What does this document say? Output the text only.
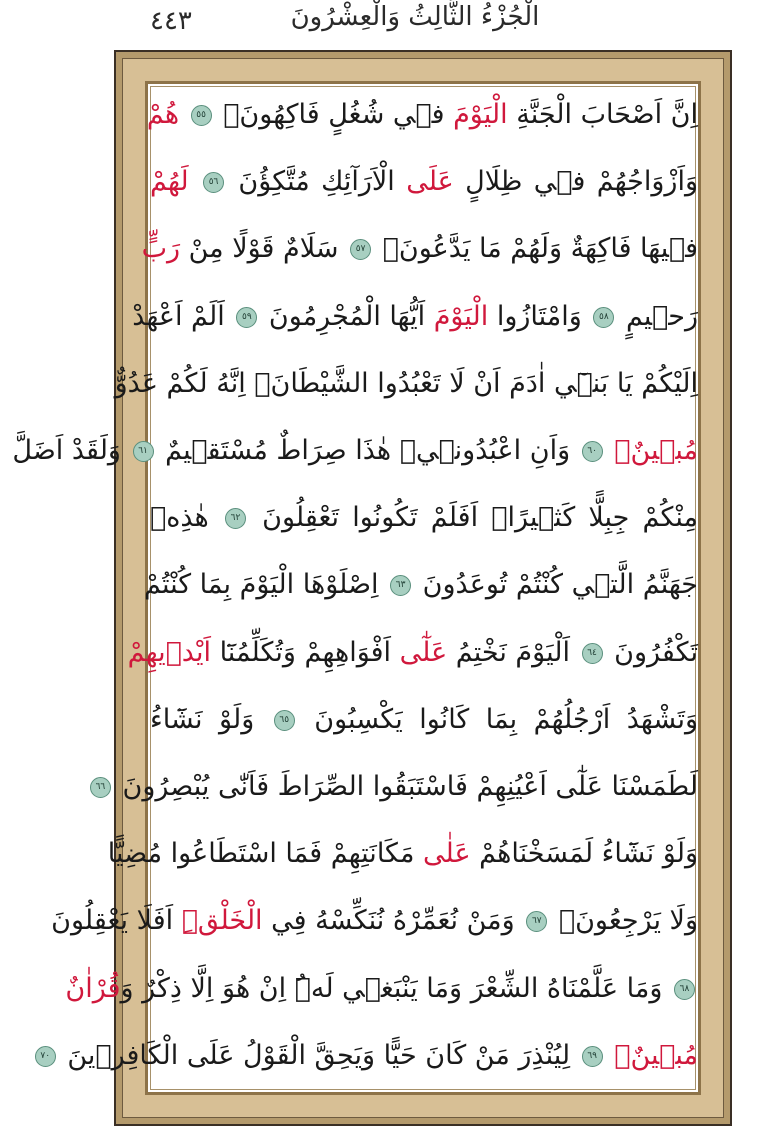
٤٤٣	الْجُزْءُ الثَّالِثُ وَالْعِشْرُونَ
اِنَّ اَصْحَابَ الْجَنَّةِ الْيَوْمَ فٖي شُغُلٍ فَاكِهُونَۚ ٥٥ هُمْ
وَاَزْوَاجُهُمْ فٖي ظِلَالٍ عَلَى الْاَرَآئِكِ مُتَّكِؤُنَ ٥٦ لَهُمْ
فٖيهَا فَاكِهَةٌ وَلَهُمْ مَا يَدَّعُونَۚ ٥٧ سَلَامٌ قَوْلًا مِنْ رَبٍّ
رَحٖيمٍ ٥٨ وَامْتَازُوا الْيَوْمَ اَيُّهَا الْمُجْرِمُونَ ٥٩ اَلَمْ اَعْهَدْ
اِلَيْكُمْ يَا بَنٖٓي اٰدَمَ اَنْ لَا تَعْبُدُوا الشَّيْطَانَۚ اِنَّهُ لَكُمْ عَدُوٌّ
مُبٖينٌۙ ٦٠ وَاَنِ اعْبُدُونٖيۜ هٰذَا صِرَاطٌ مُسْتَقٖيمٌ ٦١ وَلَقَدْ اَضَلَّ
مِنْكُمْ جِبِلًّا كَثٖيرًاۜ اَفَلَمْ تَكُونُوا تَعْقِلُونَ ٦٢ هٰذِهٖ
جَهَنَّمُ الَّتٖي كُنْتُمْ تُوعَدُونَ ٦٣ اِصْلَوْهَا الْيَوْمَ بِمَا كُنْتُمْ
تَكْفُرُونَ ٦٤ اَلْيَوْمَ نَخْتِمُ عَلٰٓى اَفْوَاهِهِمْ وَتُكَلِّمُنَٓا اَيْدٖيهِمْ
وَتَشْهَدُ اَرْجُلُهُمْ بِمَا كَانُوا يَكْسِبُونَ ٦٥ وَلَوْ نَشَٓاءُ
لَطَمَسْنَا عَلٰٓى اَعْيُنِهِمْ فَاسْتَبَقُوا الصِّرَاطَ فَاَنّٰى يُبْصِرُونَ ٦٦
وَلَوْ نَشَٓاءُ لَمَسَخْنَاهُمْ عَلٰى مَكَانَتِهِمْ فَمَا اسْتَطَاعُوا مُضِيًّا
وَلَا يَرْجِعُونَࣖ ٦٧ وَمَنْ نُعَمِّرْهُ نُنَكِّسْهُ فِي الْخَلْقِۜ اَفَلَا يَعْقِلُونَ
٦٨ وَمَا عَلَّمْنَاهُ الشِّعْرَ وَمَا يَنْبَغٖي لَهُۜ اِنْ هُوَ اِلَّا ذِكْرٌ وَقُرْاٰنٌ
مُبٖينٌۙ ٦٩ لِيُنْذِرَ مَنْ كَانَ حَيًّا وَيَحِقَّ الْقَوْلُ عَلَى الْكَافِرٖينَ ٧٠
